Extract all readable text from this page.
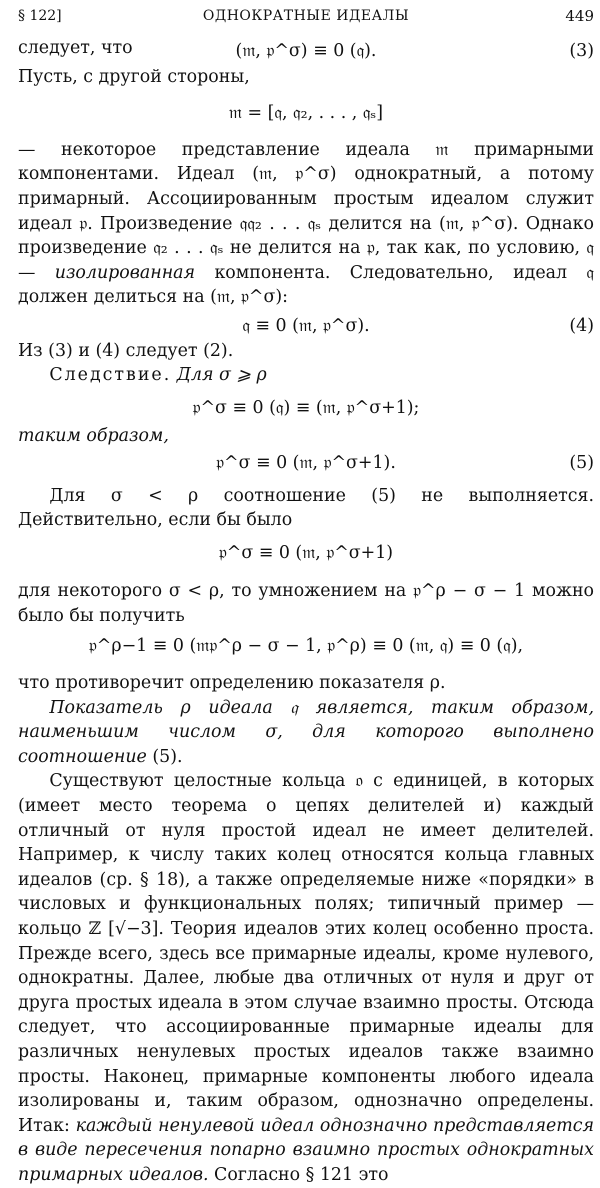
§ 122]	ОДНОКРАТНЫЕ ИДЕАЛЫ	449

следует, что	(𝔪, 𝔭^σ) ≡ 0 (𝔮).	(3)

Пусть, с другой стороны,

𝔪 = [𝔮, 𝔮₂, . . . , 𝔮ₛ]

— некоторое представление идеала 𝔪 примарными компонентами. Идеал (𝔪, 𝔭^σ) однократный, а потому примарный. Ассоциированным простым идеалом служит идеал 𝔭. Произведение 𝔮𝔮₂ . . . 𝔮ₛ делится на (𝔪, 𝔭^σ). Однако произведение 𝔮₂ . . . 𝔮ₛ не делится на 𝔭, так как, по условию, 𝔮 — изолированная компонента. Следовательно, идеал 𝔮 должен делиться на (𝔪, 𝔭^σ):

𝔮 ≡ 0 (𝔪, 𝔭^σ).	(4)

Из (3) и (4) следует (2).

Следствие. Для σ ⩾ ρ

𝔭^σ ≡ 0 (𝔮) ≡ (𝔪, 𝔭^σ+1);

таким образом,

𝔭^σ ≡ 0 (𝔪, 𝔭^σ+1).	(5)

Для σ < ρ соотношение (5) не выполняется. Действительно, если бы было

𝔭^σ ≡ 0 (𝔪, 𝔭^σ+1)

для некоторого σ < ρ, то умножением на 𝔭^ρ − σ − 1 можно было бы получить

𝔭^ρ−1 ≡ 0 (𝔪𝔭^ρ − σ − 1, 𝔭^ρ) ≡ 0 (𝔪, 𝔮) ≡ 0 (𝔮),

что противоречит определению показателя ρ.

Показатель ρ идеала 𝔮 является, таким образом, наименьшим числом σ, для которого выполнено соотношение (5).

Существуют целостные кольца 𝔬 с единицей, в которых (имеет место теорема о цепях делителей и) каждый отличный от нуля простой идеал не имеет делителей. Например, к числу таких колец относятся кольца главных идеалов (ср. § 18), а также определяемые ниже «порядки» в числовых и функциональных полях; типичный пример — кольцо ℤ [√−3]. Теория идеалов этих колец особенно проста. Прежде всего, здесь все примарные идеалы, кроме нулевого, однократны. Далее, любые два отличных от нуля и друг от друга простых идеала в этом случае взаимно просты. Отсюда следует, что ассоциированные примарные идеалы для различных ненулевых простых идеалов также взаимно просты. Наконец, примарные компоненты любого идеала изолированы и, таким образом, однозначно определены. Итак: каждый ненулевой идеал однозначно представляется в виде пересечения попарно взаимно простых однократных примарных идеалов. Согласно § 121 это
